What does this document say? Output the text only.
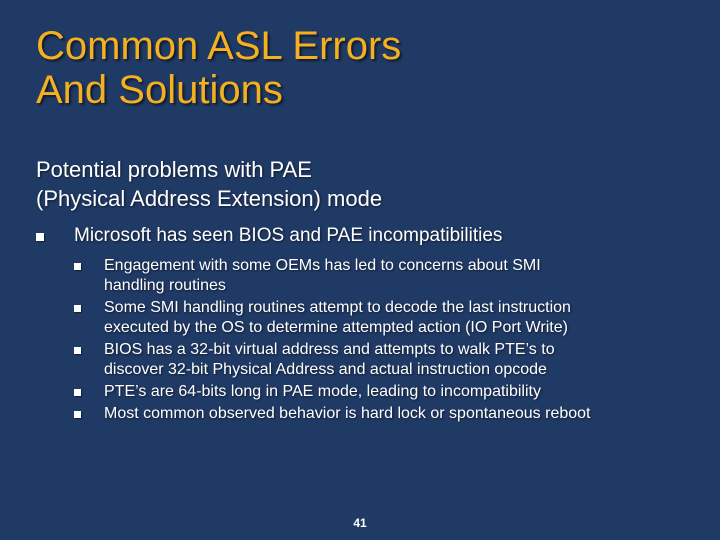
Common ASL Errors
And Solutions
Potential problems with PAE
(Physical Address Extension) mode
Microsoft has seen BIOS and PAE incompatibilities
Engagement with some OEMs has led to concerns about SMI
handling routines
Some SMI handling routines attempt to decode the last instruction
executed by the OS to determine attempted action (IO Port Write)
BIOS has a 32-bit virtual address and attempts to walk PTE’s to
discover 32-bit Physical Address and actual instruction opcode
PTE’s are 64-bits long in PAE mode, leading to incompatibility
Most common observed behavior is hard lock or spontaneous reboot
41
